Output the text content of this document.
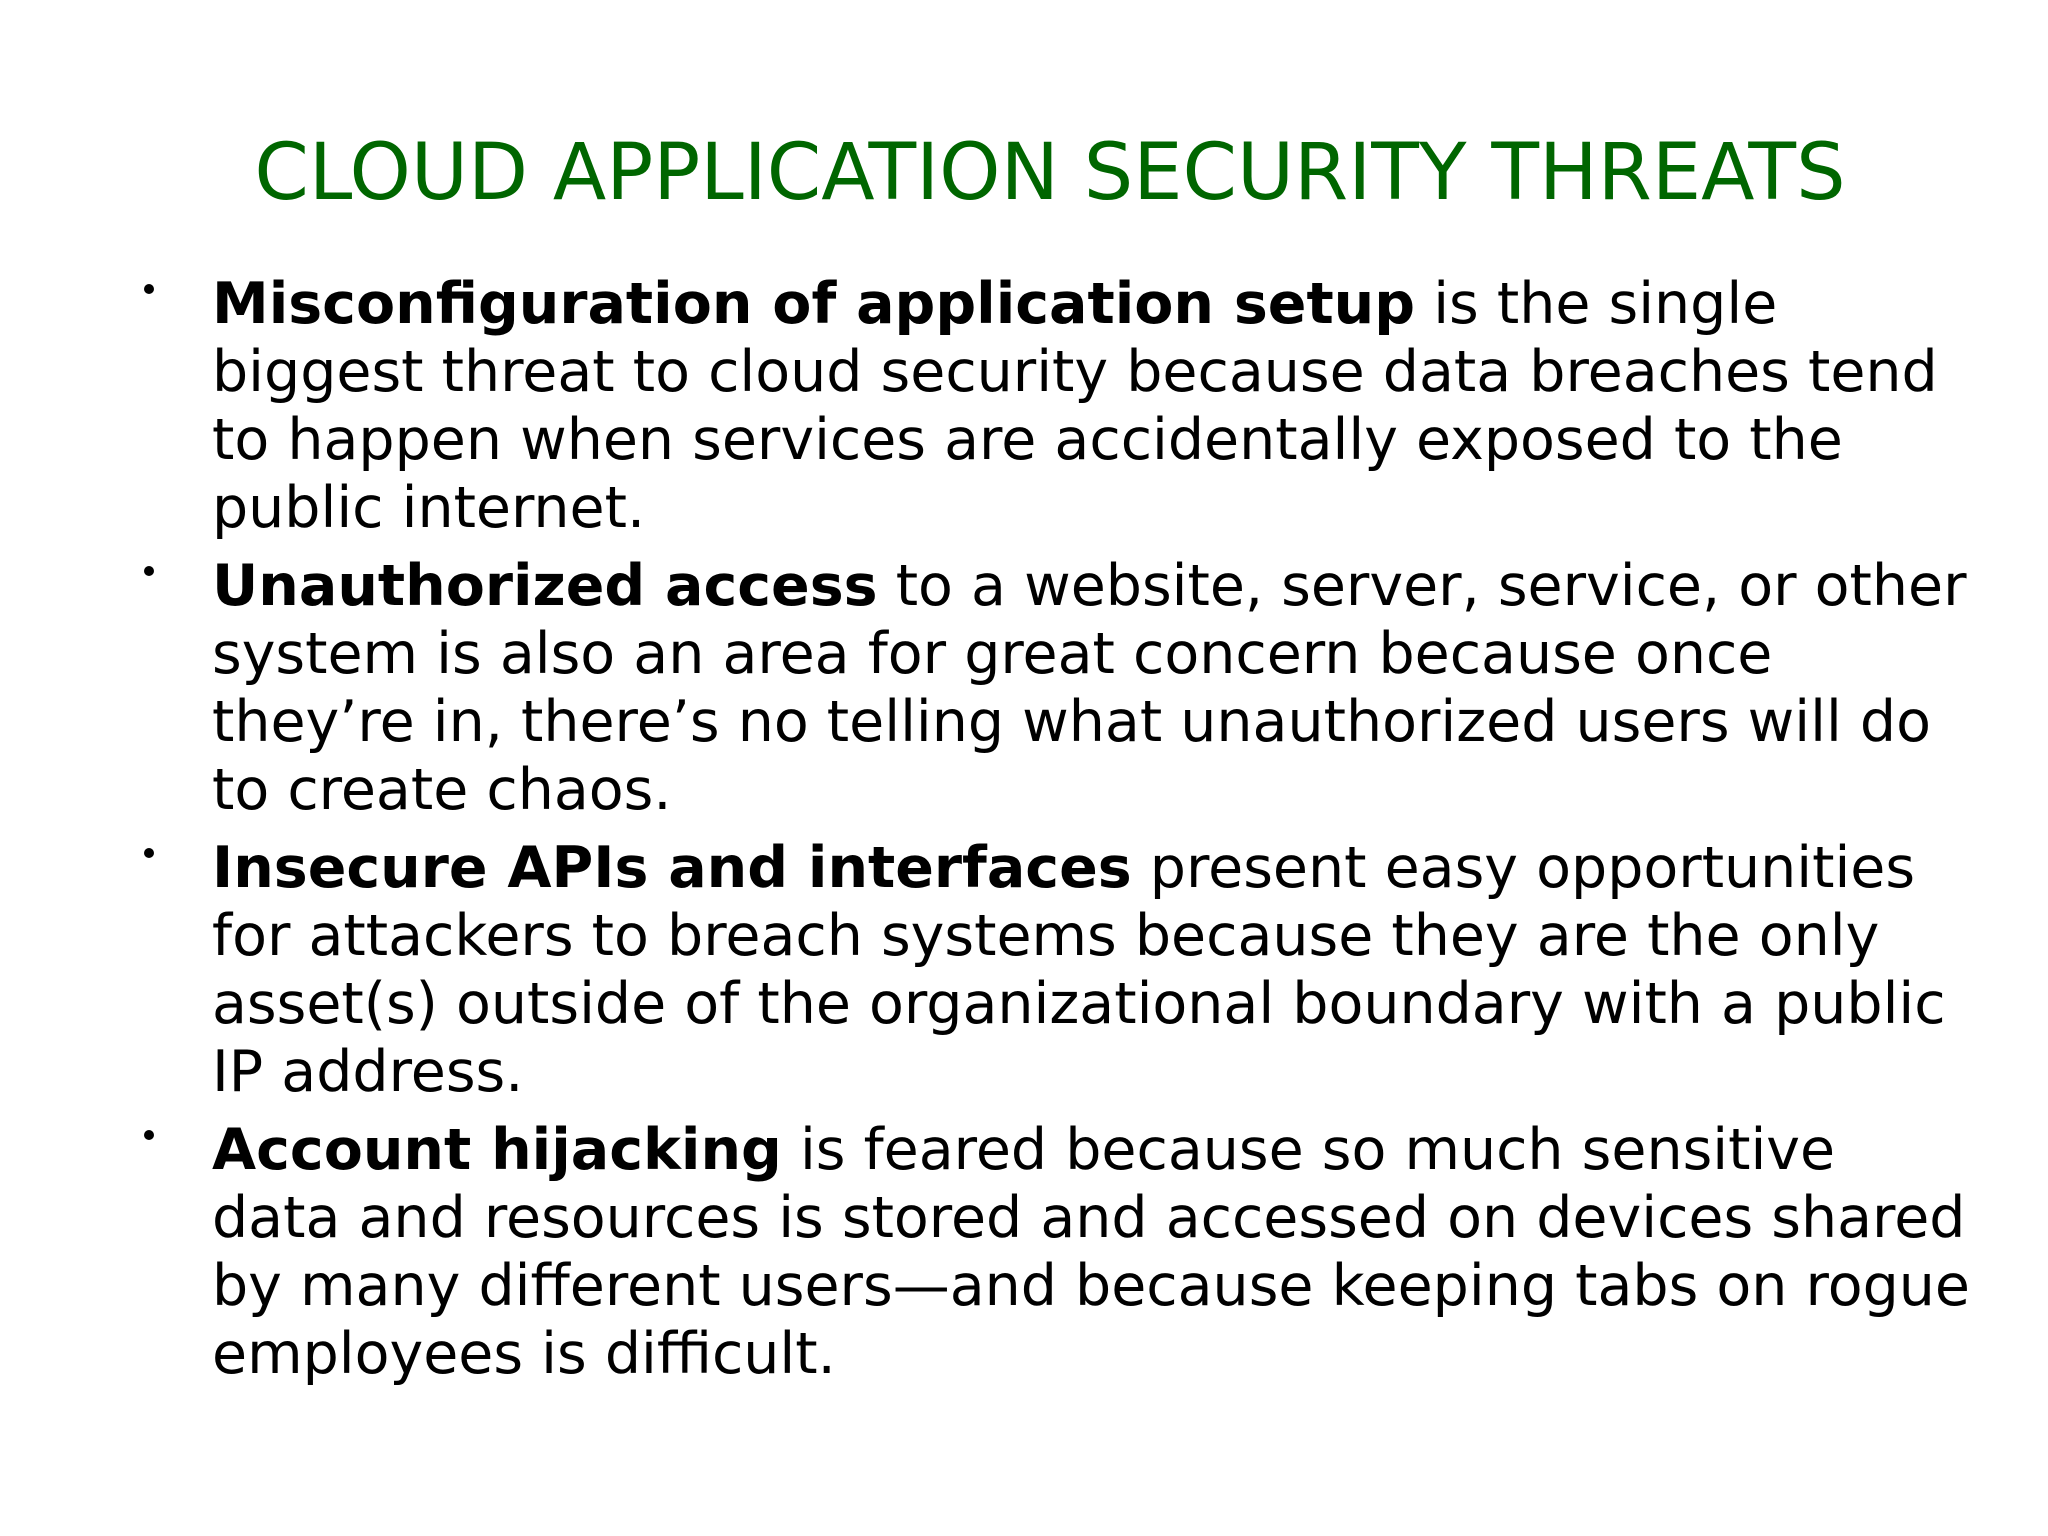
CLOUD APPLICATION SECURITY THREATS
Misconfiguration of application setup is the single
biggest threat to cloud security because data breaches tend
to happen when services are accidentally exposed to the
public internet.
Unauthorized access to a website, server, service, or other
system is also an area for great concern because once
they’re in, there’s no telling what unauthorized users will do
to create chaos.
Insecure APIs and interfaces present easy opportunities
for attackers to breach systems because they are the only
asset(s) outside of the organizational boundary with a public
IP address.
Account hijacking is feared because so much sensitive
data and resources is stored and accessed on devices shared
by many different users—and because keeping tabs on rogue
employees is difficult.
